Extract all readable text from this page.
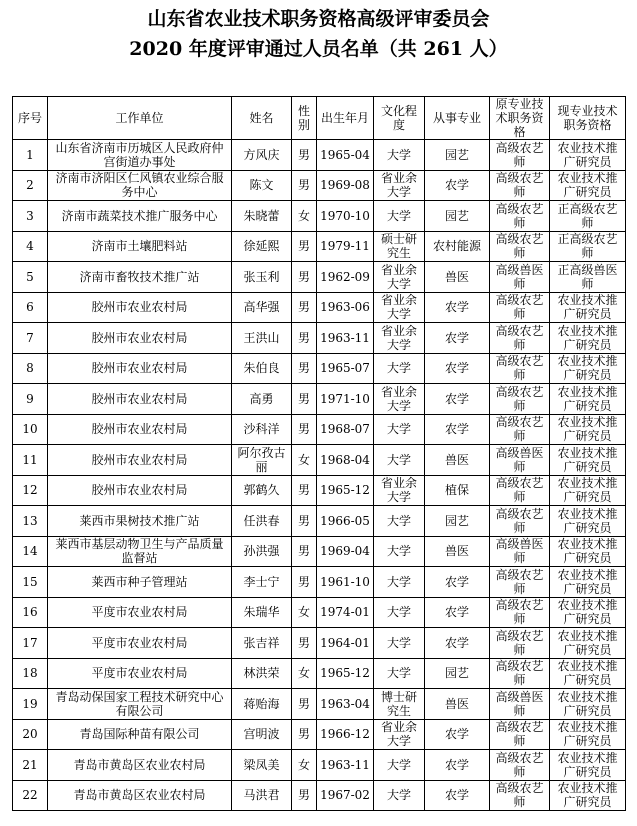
山东省农业技术职务资格高级评审委员会
2020 年度评审通过人员名单（共 261 人）
序号	工作单位	姓名	性别	出生年月	文化程度	从事专业	原专业技术职务资格	现专业技术职务资格
1	山东省济南市历城区人民政府仲宫街道办事处	方风庆	男	1965-04	大学	园艺	高级农艺师	农业技术推广研究员
2	济南市济阳区仁风镇农业综合服务中心	陈文	男	1969-08	省业余大学	农学	高级农艺师	农业技术推广研究员
3	济南市蔬菜技术推广服务中心	朱晓蕾	女	1970-10	大学	园艺	高级农艺师	正高级农艺师
4	济南市土壤肥料站	徐延熙	男	1979-11	硕士研究生	农村能源	高级农艺师	正高级农艺师
5	济南市畜牧技术推广站	张玉利	男	1962-09	省业余大学	兽医	高级兽医师	正高级兽医师
6	胶州市农业农村局	高华强	男	1963-06	省业余大学	农学	高级农艺师	农业技术推广研究员
7	胶州市农业农村局	王洪山	男	1963-11	省业余大学	农学	高级农艺师	农业技术推广研究员
8	胶州市农业农村局	朱伯良	男	1965-07	大学	农学	高级农艺师	农业技术推广研究员
9	胶州市农业农村局	高勇	男	1971-10	省业余大学	农学	高级农艺师	农业技术推广研究员
10	胶州市农业农村局	沙科洋	男	1968-07	大学	农学	高级农艺师	农业技术推广研究员
11	胶州市农业农村局	阿尔孜古丽	女	1968-04	大学	兽医	高级兽医师	农业技术推广研究员
12	胶州市农业农村局	郭鹤久	男	1965-12	省业余大学	植保	高级农艺师	农业技术推广研究员
13	莱西市果树技术推广站	任洪春	男	1966-05	大学	园艺	高级农艺师	农业技术推广研究员
14	莱西市基层动物卫生与产品质量监督站	孙洪强	男	1969-04	大学	兽医	高级兽医师	农业技术推广研究员
15	莱西市种子管理站	李士宁	男	1961-10	大学	农学	高级农艺师	农业技术推广研究员
16	平度市农业农村局	朱瑞华	女	1974-01	大学	农学	高级农艺师	农业技术推广研究员
17	平度市农业农村局	张吉祥	男	1964-01	大学	农学	高级农艺师	农业技术推广研究员
18	平度市农业农村局	林洪荣	女	1965-12	大学	园艺	高级农艺师	农业技术推广研究员
19	青岛动保国家工程技术研究中心有限公司	蒋贻海	男	1963-04	博士研究生	兽医	高级兽医师	农业技术推广研究员
20	青岛国际种苗有限公司	宫明波	男	1966-12	省业余大学	农学	高级农艺师	农业技术推广研究员
21	青岛市黄岛区农业农村局	梁凤美	女	1963-11	大学	农学	高级农艺师	农业技术推广研究员
22	青岛市黄岛区农业农村局	马洪君	男	1967-02	大学	农学	高级农艺师	农业技术推广研究员
